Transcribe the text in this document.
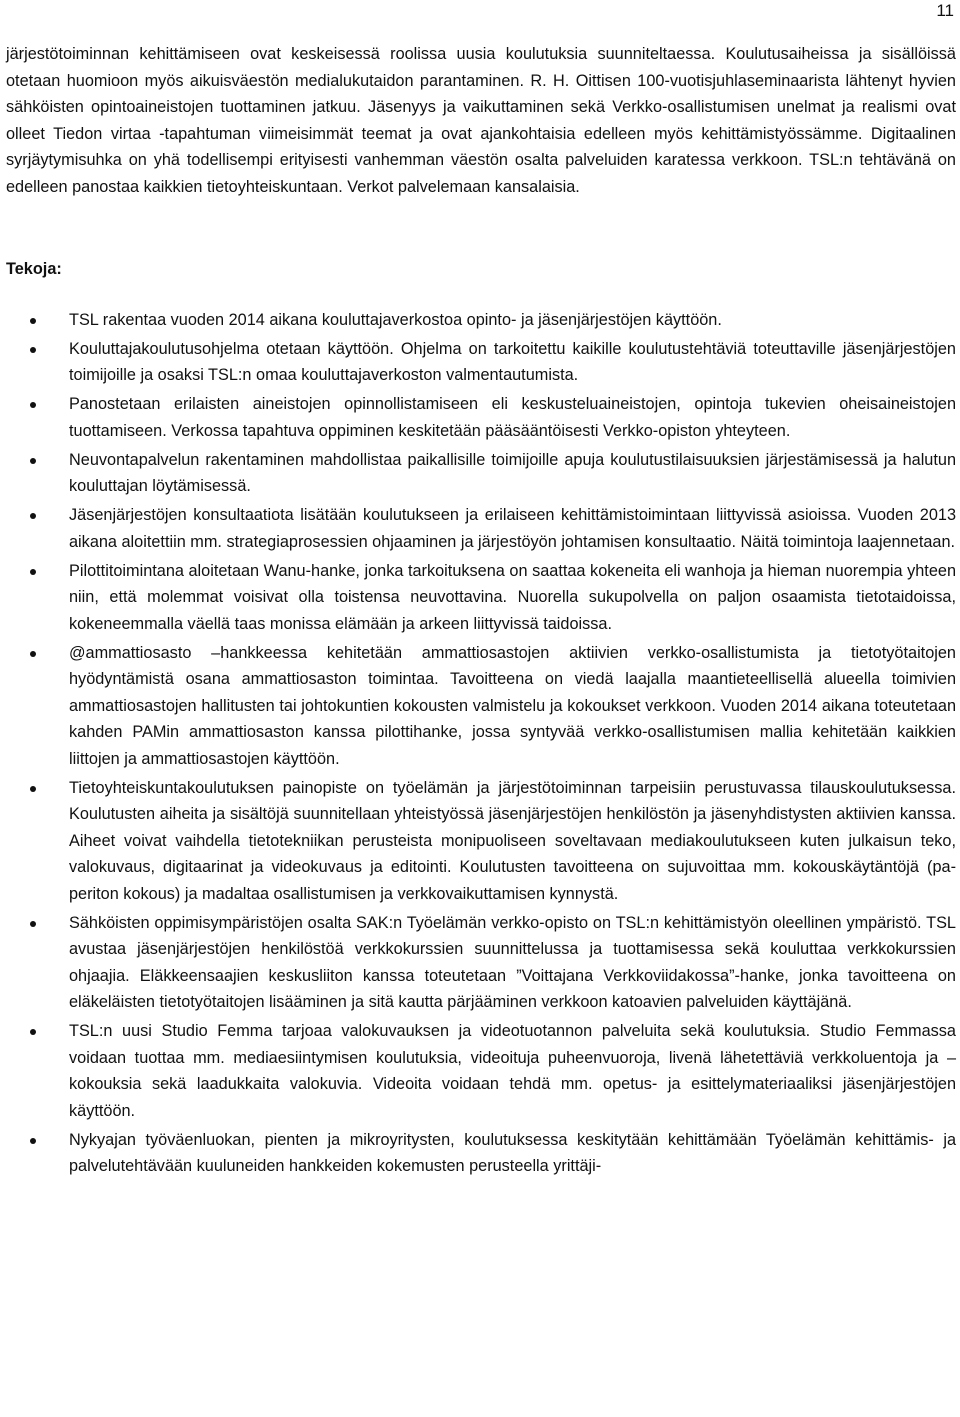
11

järjestötoiminnan kehittämiseen ovat keskeisessä roolissa uusia koulutuksia suunniteltaessa. Koulutusaiheissa ja sisällöissä otetaan huomioon myös aikuisväestön medialukutaidon parantaminen. R. H. Oittisen 100-vuotisjuhlaseminaarista lähtenyt hyvien sähköisten opintoaineistojen tuottaminen jatkuu. Jäsenyys ja vaikuttaminen sekä Verkko-osallistumisen unelmat ja realismi ovat olleet Tiedon virtaa -tapahtuman viimeisimmät teemat ja ovat ajankohtaisia edelleen myös kehittämistyössämme. Digitaalinen syrjäytymisuhka on yhä todellisempi erityisesti vanhemman väestön osalta palveluiden karatessa verkkoon. TSL:n tehtävänä on edelleen panostaa kaikkien tietoyhteiskuntaan. Verkot palvelemaan kansalaisia.

Tekoja:
TSL rakentaa vuoden 2014 aikana kouluttajaverkostoa opinto- ja jäsenjärjestöjen käyttöön.
Kouluttajakoulutusohjelma otetaan käyttöön. Ohjelma on tarkoitettu kaikille koulutustehtäviä toteuttaville jäsenjärjestöjen toimijoille ja osaksi TSL:n omaa kouluttajaverkoston valmentautumista.
Panostetaan erilaisten aineistojen opinnollistamiseen eli keskusteluaineistojen, opintoja tukevien oheisaineistojen tuottamiseen. Verkossa tapahtuva oppiminen keskitetään pääsääntöisesti Verkko-opiston yhteyteen.
Neuvontapalvelun rakentaminen mahdollistaa paikallisille toimijoille apuja koulutustilaisuuksien järjestämisessä ja halutun kouluttajan löytämisessä.
Jäsenjärjestöjen konsultaatiota lisätään koulutukseen ja erilaiseen kehittämistoimintaan liittyvissä asioissa. Vuoden 2013 aikana aloitettiin mm. strategiaprosessien ohjaaminen ja järjestöyön johtamisen konsultaatio. Näitä toimintoja laajennetaan.
Pilottitoimintana aloitetaan Wanu-hanke, jonka tarkoituksena on saattaa kokeneita eli wanhoja ja hieman nuorempia yhteen niin, että molemmat voisivat olla toistensa neuvottavina. Nuorella sukupolvella on paljon osaamista tietotaidoissa, kokeneemmalla väellä taas monissa elämään ja arkeen liittyvissä taidoissa.
@ammattiosasto –hankkeessa kehitetään ammattiosastojen aktiivien verkko-osallistumista ja tietotyötaitojen hyödyntämistä osana ammattiosaston toimintaa. Tavoitteena on viedä laajalla maantieteellisellä alueella toimivien ammattiosastojen hallitusten tai johtokuntien kokousten valmistelu ja kokoukset verkkoon. Vuoden 2014 aikana toteutetaan kahden PAMin ammattiosaston kanssa pilottihanke, jossa syntyvää verkko-osallistumisen mallia kehitetään kaikkien liittojen ja ammattiosastojen käyttöön.
Tietoyhteiskuntakoulutuksen painopiste on työelämän ja järjestötoiminnan tarpeisiin perustuvassa tilauskoulutuksessa. Koulutusten aiheita ja sisältöjä suunnitellaan yhteistyössä jäsenjärjestöjen henkilöstön ja jäsenyhdistysten aktiivien kanssa. Aiheet voivat vaihdella tietotekniikan perusteista monipuoliseen soveltavaan mediakoulutukseen kuten julkaisun teko, valokuvaus, digitaarinat ja videokuvaus ja editointi. Koulutusten tavoitteena on sujuvoittaa mm. kokouskäytäntöjä (paperiton kokous) ja madaltaa osallistumisen ja verkkovaikuttamisen kynnystä.
Sähköisten oppimisympäristöjen osalta SAK:n Työelämän verkko-opisto on TSL:n kehittämistyön oleellinen ympäristö. TSL avustaa jäsenjärjestöjen henkilöstöä verkkokurssien suunnittelussa ja tuottamisessa sekä kouluttaa verkkokurssien ohjaajia. Eläkkeensaajien keskusliiton kanssa toteutetaan ”Voittajana Verkkoviidakossa”-hanke, jonka tavoitteena on eläkeläisten tietotyötaitojen lisääminen ja sitä kautta pärjääminen verkkoon katoavien palveluiden käyttäjänä.
TSL:n uusi Studio Femma tarjoaa valokuvauksen ja videotuotannon palveluita sekä koulutuksia. Studio Femmassa voidaan tuottaa mm. mediaesiintymisen koulutuksia, videoituja puheenvuoroja, livenä lähetettäviä verkkoluentoja ja –kokouksia sekä laadukkaita valokuvia. Videoita voidaan tehdä mm. opetus- ja esittelymateriaaliksi jäsenjärjestöjen käyttöön.
Nykyajan työväenluokan, pienten ja mikroyritysten, koulutuksessa keskitytään kehittämään Työelämän kehittämis- ja palvelutehtävään kuuluneiden hankkeiden kokemusten perusteella yrittäji-
